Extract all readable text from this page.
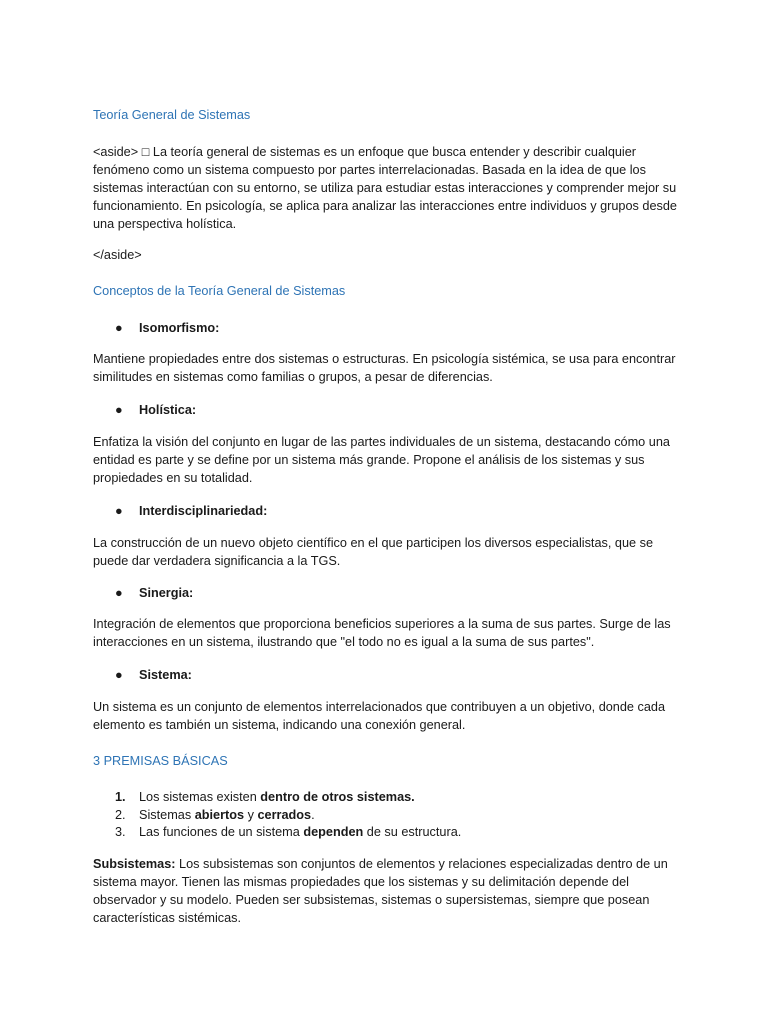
Teoría General de Sistemas

<aside> □ La teoría general de sistemas es un enfoque que busca entender y describir cualquier fenómeno como un sistema compuesto por partes interrelacionadas. Basada en la idea de que los sistemas interactúan con su entorno, se utiliza para estudiar estas interacciones y comprender mejor su funcionamiento. En psicología, se aplica para analizar las interacciones entre individuos y grupos desde una perspectiva holística.

</aside>

Conceptos de la Teoría General de Sistemas
● Isomorfismo:

Mantiene propiedades entre dos sistemas o estructuras. En psicología sistémica, se usa para encontrar similitudes en sistemas como familias o grupos, a pesar de diferencias.

● Holística:

Enfatiza la visión del conjunto en lugar de las partes individuales de un sistema, destacando cómo una entidad es parte y se define por un sistema más grande. Propone el análisis de los sistemas y sus propiedades en su totalidad.

● Interdisciplinariedad:

La construcción de un nuevo objeto científico en el que participen los diversos especialistas, que se puede dar verdadera significancia a la TGS.

● Sinergia:

Integración de elementos que proporciona beneficios superiores a la suma de sus partes. Surge de las interacciones en un sistema, ilustrando que "el todo no es igual a la suma de sus partes".

● Sistema:

Un sistema es un conjunto de elementos interrelacionados que contribuyen a un objetivo, donde cada elemento es también un sistema, indicando una conexión general.

3 PREMISAS BÁSICAS
1. Los sistemas existen dentro de otros sistemas.
2. Sistemas abiertos y cerrados.
3. Las funciones de un sistema dependen de su estructura.

Subsistemas: Los subsistemas son conjuntos de elementos y relaciones especializadas dentro de un sistema mayor. Tienen las mismas propiedades que los sistemas y su delimitación depende del observador y su modelo. Pueden ser subsistemas, sistemas o supersistemas, siempre que posean características sistémicas.
